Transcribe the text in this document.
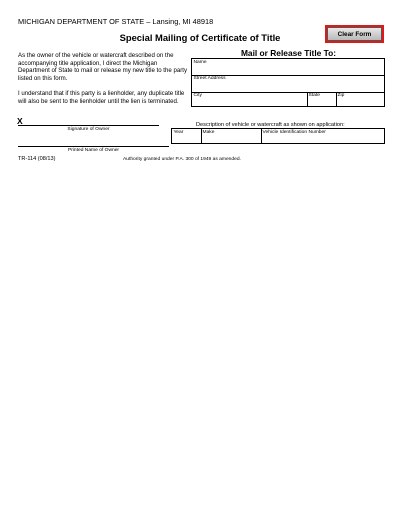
MICHIGAN DEPARTMENT OF STATE – Lansing, MI 48918
Clear Form
Special Mailing of Certificate of Title
As the owner of the vehicle or watercraft described on the accompanying title application, I direct the Michigan Department of State to mail or release my new title to the party listed on this form.
I understand that if this party is a lienholder, any duplicate title will also be sent to the lienholder until the lien is terminated.
Mail or Release Title To:
Name
Street Address
City	State	Zip
X
Signature of Owner
Printed Name of Owner
Description of vehicle or watercraft as shown on application:
Year	Make	Vehicle Identification Number
TR-114 (08/13)	Authority granted under P.A. 300 of 1949 as amended.
